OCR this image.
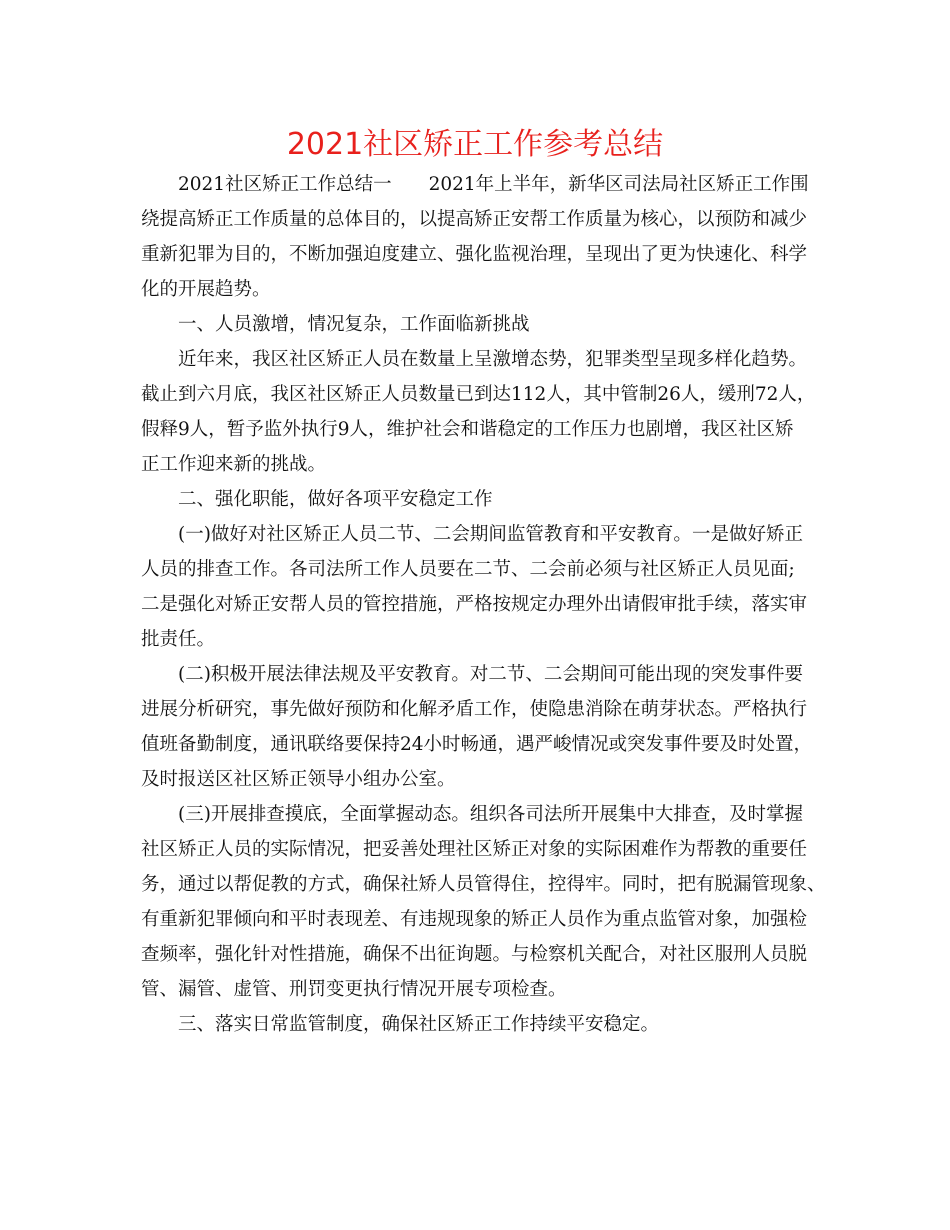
2021社区矫正工作参考总结
2021社区矫正工作总结一 2021年上半年，新华区司法局社区矫正工作围
绕提高矫正工作质量的总体目的，以提高矫正安帮工作质量为核心，以预防和减少
重新犯罪为目的，不断加强迫度建立、强化监视治理，呈现出了更为快速化、科学
化的开展趋势。
一、人员激增，情况复杂，工作面临新挑战
近年来，我区社区矫正人员在数量上呈激增态势，犯罪类型呈现多样化趋势。
截止到六月底，我区社区矫正人员数量已到达112人，其中管制26人，缓刑72人，
假释9人，暂予监外执行9人，维护社会和谐稳定的工作压力也剧增，我区社区矫
正工作迎来新的挑战。
二、强化职能，做好各项平安稳定工作
(一)做好对社区矫正人员二节、二会期间监管教育和平安教育。一是做好矫正
人员的排查工作。各司法所工作人员要在二节、二会前必须与社区矫正人员见面;
二是强化对矫正安帮人员的管控措施，严格按规定办理外出请假审批手续，落实审
批责任。
(二)积极开展法律法规及平安教育。对二节、二会期间可能出现的突发事件要
进展分析研究，事先做好预防和化解矛盾工作，使隐患消除在萌芽状态。严格执行
值班备勤制度，通讯联络要保持24小时畅通，遇严峻情况或突发事件要及时处置，
及时报送区社区矫正领导小组办公室。
(三)开展排查摸底，全面掌握动态。组织各司法所开展集中大排查，及时掌握
社区矫正人员的实际情况，把妥善处理社区矫正对象的实际困难作为帮教的重要任
务，通过以帮促教的方式，确保社矫人员管得住，控得牢。同时，把有脱漏管现象、
有重新犯罪倾向和平时表现差、有违规现象的矫正人员作为重点监管对象，加强检
查频率，强化针对性措施，确保不出征询题。与检察机关配合，对社区服刑人员脱
管、漏管、虚管、刑罚变更执行情况开展专项检查。
三、落实日常监管制度，确保社区矫正工作持续平安稳定。
